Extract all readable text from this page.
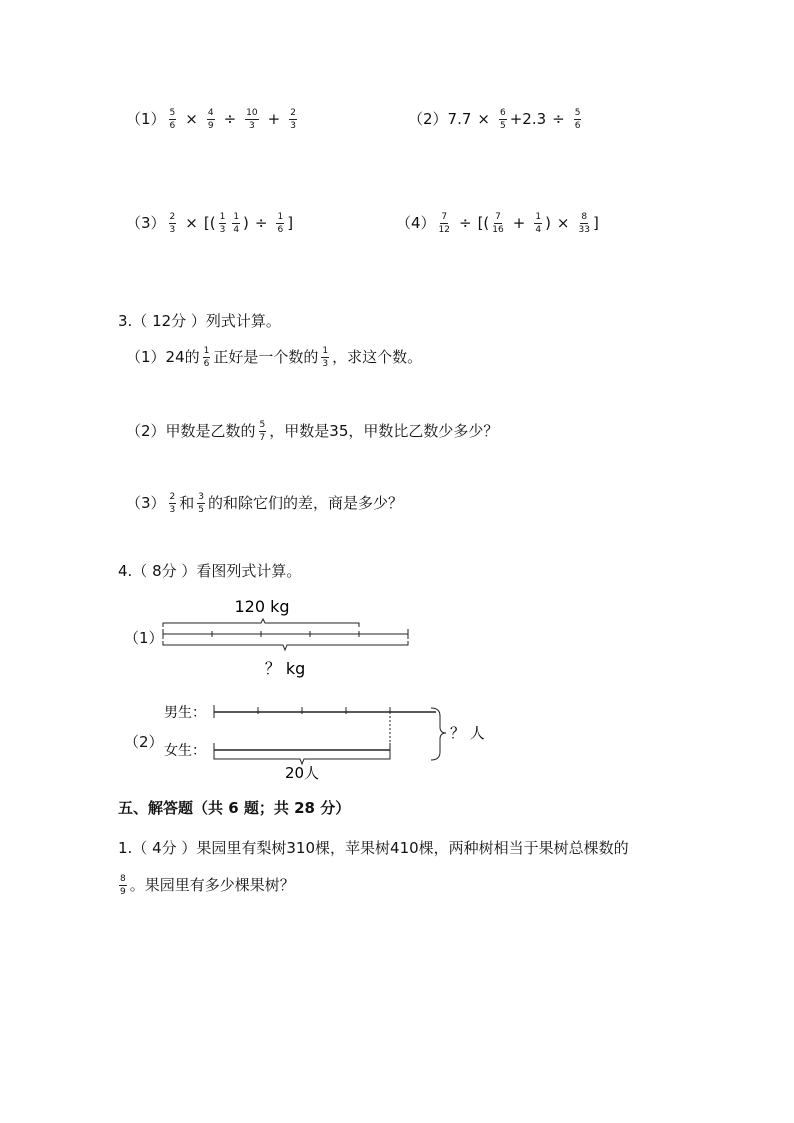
$(1) \frac{5}{6} \times \frac{4}{9} \div \frac{10}{3} + \frac{2}{3}$	$(2)7.7 \times \frac{6}{5} +2.3 \div \frac{5}{6}$
$(3) \frac{2}{3}$ × [( $\frac{1}{3} \frac{1}{4}$ ) ÷ $\frac{1}{6}$ ]	$(4) \frac{7}{12}$ ÷ [( $\frac{7}{16} + \frac{1}{4}$ ) × $\frac{8}{33}$ ]
3.（ 12分 ）列式计算。
（1）24的 $\frac{1}{6}$ 正好是一个数的 $\frac{1}{3}$ ，求这个数。
（2）甲数是乙数的 $\frac{5}{7}$ ，甲数是35，甲数比乙数少多少？
$(3) \frac{2}{3}$ 和 $\frac{3}{5}$ 的和除它们的差，商是多少？
4.（ 8分 ）看图列式计算。
（1）
（2）
120 kg
？ kg
男生：
女生：
？ 人
20人
五、解答题（共 6 题；共 28 分）
1.（ 4分 ）果园里有梨树310棵，苹果树410棵，两种树相当于果树总棵数的
$\frac{8}{9}$ 。果园里有多少棵果树？
